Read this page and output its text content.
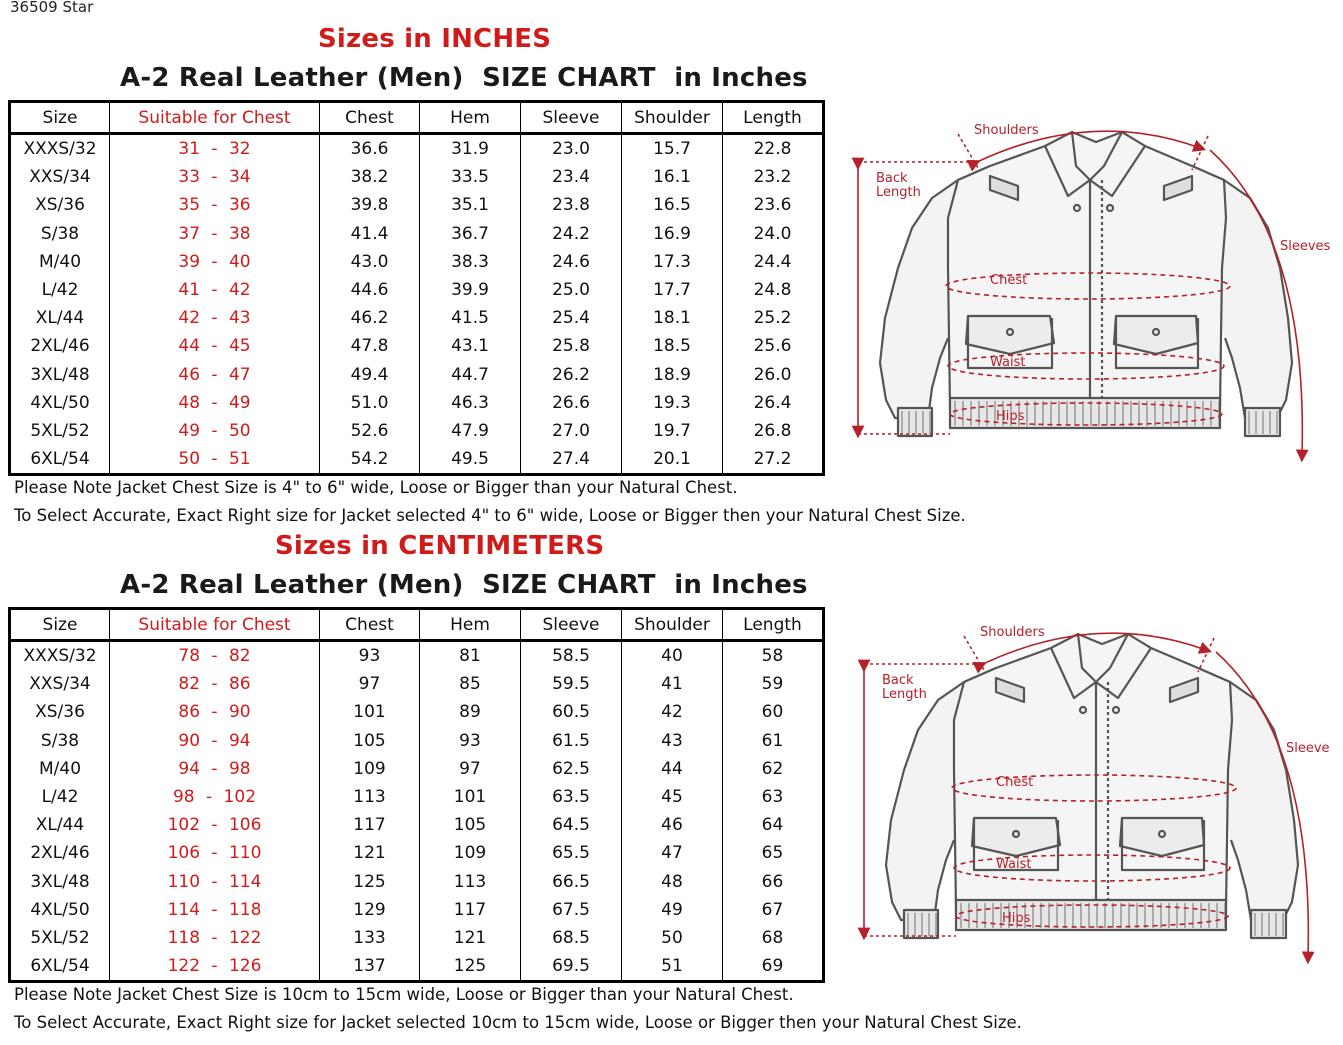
36509 Star
Sizes in INCHES
A-2 Real Leather (Men)  SIZE CHART  in Inches
Size	Suitable for Chest	Chest	Hem	Sleeve	Shoulder	Length
XXXS/32	31 - 32	36.6	31.9	23.0	15.7	22.8
XXS/34	33 - 34	38.2	33.5	23.4	16.1	23.2
XS/36	35 - 36	39.8	35.1	23.8	16.5	23.6
S/38	37 - 38	41.4	36.7	24.2	16.9	24.0
M/40	39 - 40	43.0	38.3	24.6	17.3	24.4
L/42	41 - 42	44.6	39.9	25.0	17.7	24.8
XL/44	42 - 43	46.2	41.5	25.4	18.1	25.2
2XL/46	44 - 45	47.8	43.1	25.8	18.5	25.6
3XL/48	46 - 47	49.4	44.7	26.2	18.9	26.0
4XL/50	48 - 49	51.0	46.3	26.6	19.3	26.4
5XL/52	49 - 50	52.6	47.9	27.0	19.7	26.8
6XL/54	50 - 51	54.2	49.5	27.4	20.1	27.2
Please Note Jacket Chest Size is 4" to 6" wide, Loose or Bigger than your Natural Chest.
To Select Accurate, Exact Right size for Jacket selected 4" to 6" wide, Loose or Bigger then your Natural Chest Size.
Shoulders
Back
Length
Sleeves
Chest
Waist
Hips
Sizes in CENTIMETERS
A-2 Real Leather (Men)  SIZE CHART  in Inches
Size	Suitable for Chest	Chest	Hem	Sleeve	Shoulder	Length
XXXS/32	78 - 82	93	81	58.5	40	58
XXS/34	82 - 86	97	85	59.5	41	59
XS/36	86 - 90	101	89	60.5	42	60
S/38	90 - 94	105	93	61.5	43	61
M/40	94 - 98	109	97	62.5	44	62
L/42	98 - 102	113	101	63.5	45	63
XL/44	102 - 106	117	105	64.5	46	64
2XL/46	106 - 110	121	109	65.5	47	65
3XL/48	110 - 114	125	113	66.5	48	66
4XL/50	114 - 118	129	117	67.5	49	67
5XL/52	118 - 122	133	121	68.5	50	68
6XL/54	122 - 126	137	125	69.5	51	69
Please Note Jacket Chest Size is 10cm to 15cm wide, Loose or Bigger than your Natural Chest.
To Select Accurate, Exact Right size for Jacket selected 10cm to 15cm wide, Loose or Bigger then your Natural Chest Size.
Shoulders
Back
Length
Sleeve
Chest
Waist
Hips
